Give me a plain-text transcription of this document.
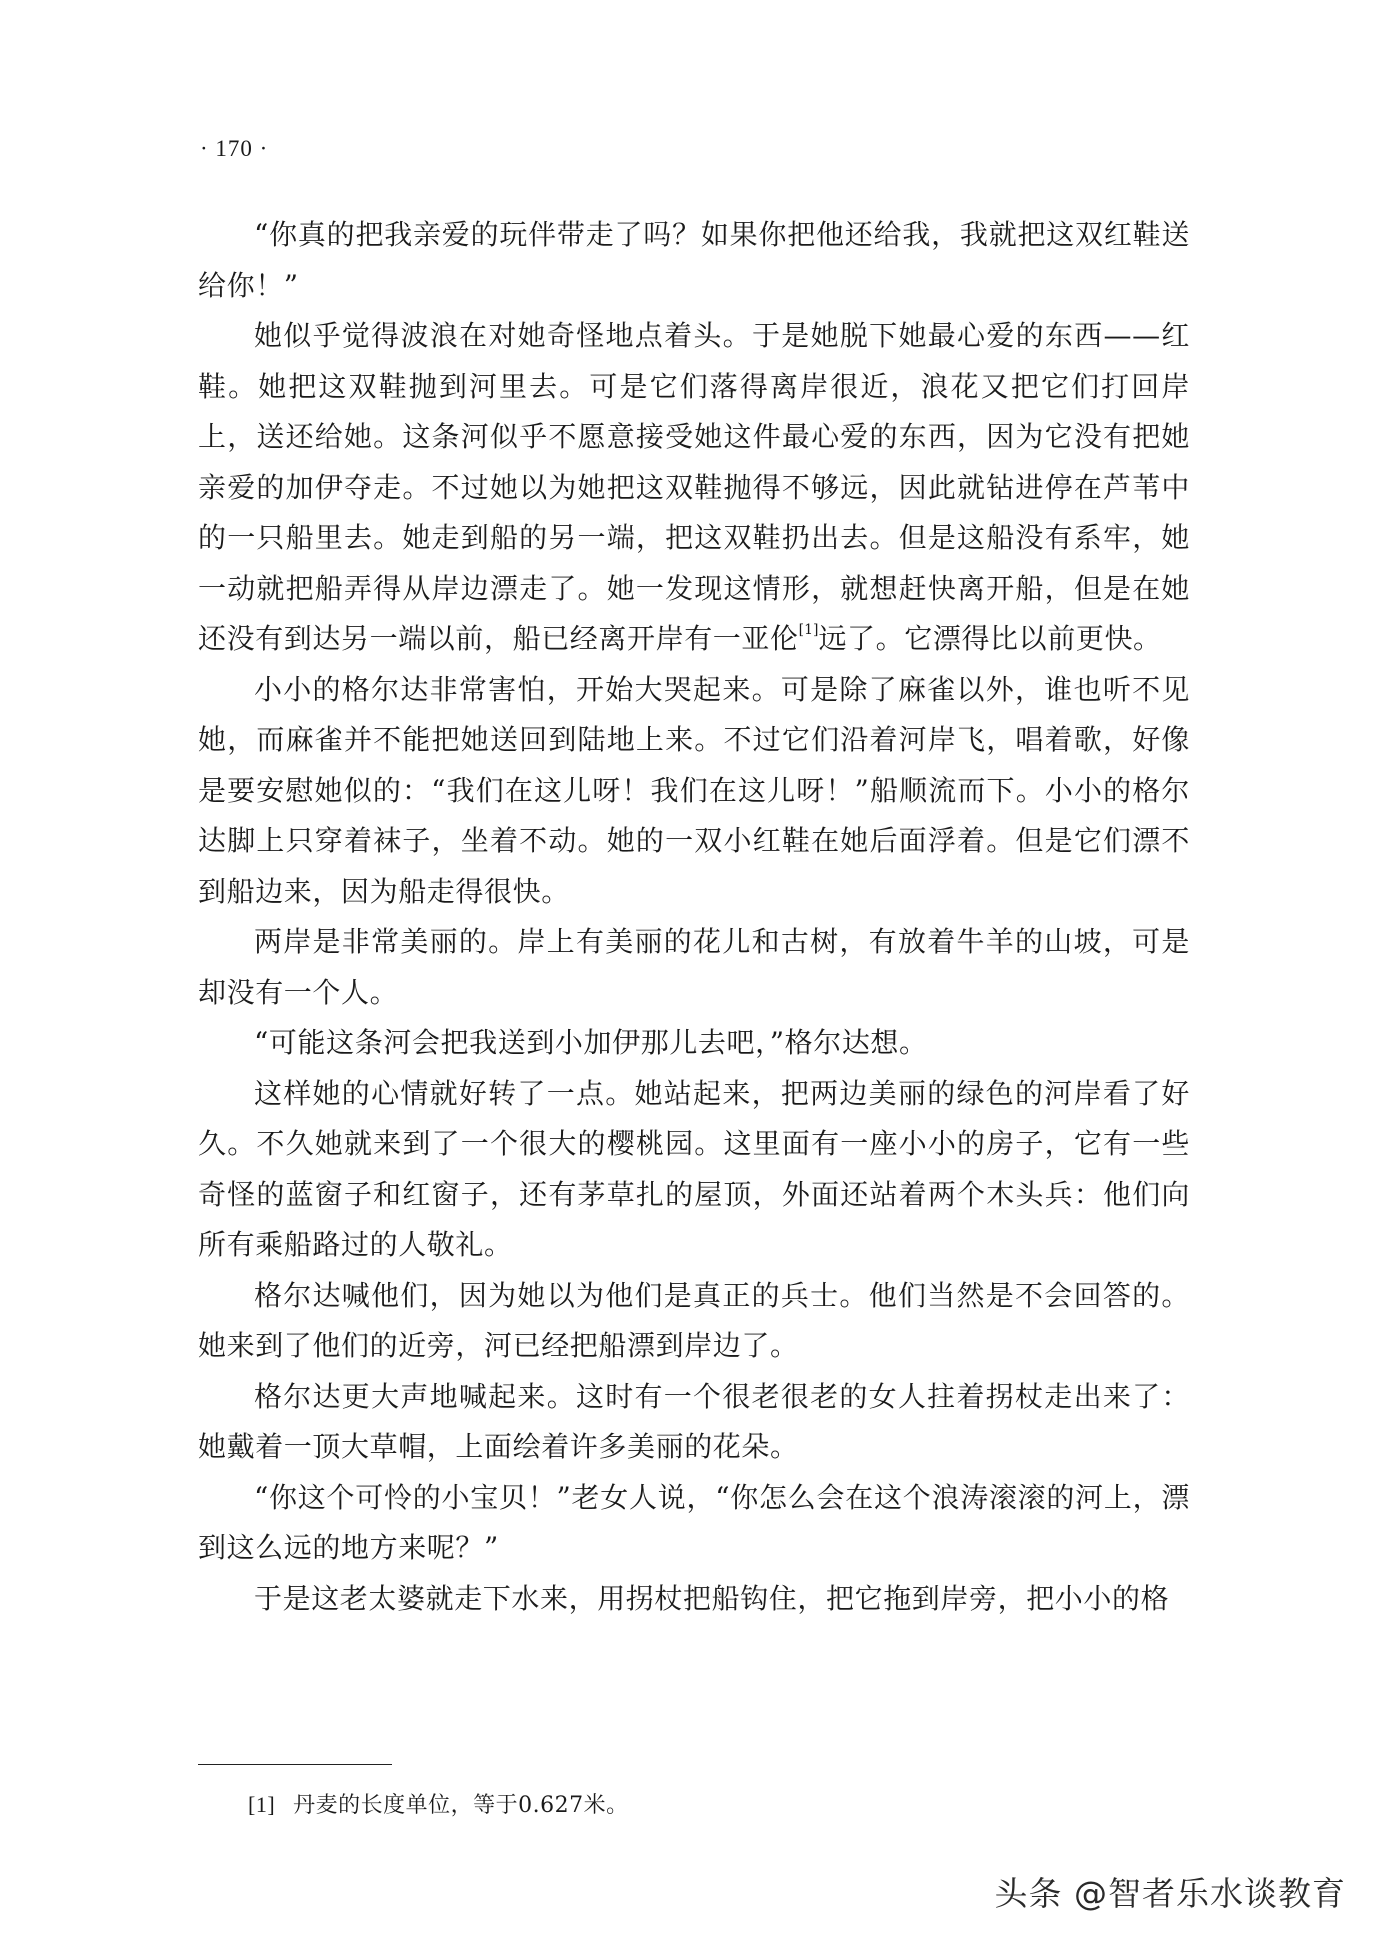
· 170 ·

“你真的把我亲爱的玩伴带走了吗？如果你把他还给我，我就把这双红鞋送给你！”

她似乎觉得波浪在对她奇怪地点着头。于是她脱下她最心爱的东西——红鞋。她把这双鞋抛到河里去。可是它们落得离岸很近，浪花又把它们打回岸上，送还给她。这条河似乎不愿意接受她这件最心爱的东西，因为它没有把她亲爱的加伊夺走。不过她以为她把这双鞋抛得不够远，因此就钻进停在芦苇中的一只船里去。她走到船的另一端，把这双鞋扔出去。但是这船没有系牢，她一动就把船弄得从岸边漂走了。她一发现这情形，就想赶快离开船，但是在她还没有到达另一端以前，船已经离开岸有一亚伦[1]远了。它漂得比以前更快。

小小的格尔达非常害怕，开始大哭起来。可是除了麻雀以外，谁也听不见她，而麻雀并不能把她送回到陆地上来。不过它们沿着河岸飞，唱着歌，好像是要安慰她似的：“我们在这儿呀！我们在这儿呀！”船顺流而下。小小的格尔达脚上只穿着袜子，坐着不动。她的一双小红鞋在她后面浮着。但是它们漂不到船边来，因为船走得很快。

两岸是非常美丽的。岸上有美丽的花儿和古树，有放着牛羊的山坡，可是却没有一个人。

“可能这条河会把我送到小加伊那儿去吧，”格尔达想。

这样她的心情就好转了一点。她站起来，把两边美丽的绿色的河岸看了好久。不久她就来到了一个很大的樱桃园。这里面有一座小小的房子，它有一些奇怪的蓝窗子和红窗子，还有茅草扎的屋顶，外面还站着两个木头兵：他们向所有乘船路过的人敬礼。

格尔达喊他们，因为她以为他们是真正的兵士。他们当然是不会回答的。她来到了他们的近旁，河已经把船漂到岸边了。

格尔达更大声地喊起来。这时有一个很老很老的女人拄着拐杖走出来了：她戴着一顶大草帽，上面绘着许多美丽的花朵。

“你这个可怜的小宝贝！”老女人说，“你怎么会在这个浪涛滚滚的河上，漂到这么远的地方来呢？”

于是这老太婆就走下水来，用拐杖把船钩住，把它拖到岸旁，把小小的格

[1] 丹麦的长度单位，等于0.627米。
头条 @智者乐水谈教育
